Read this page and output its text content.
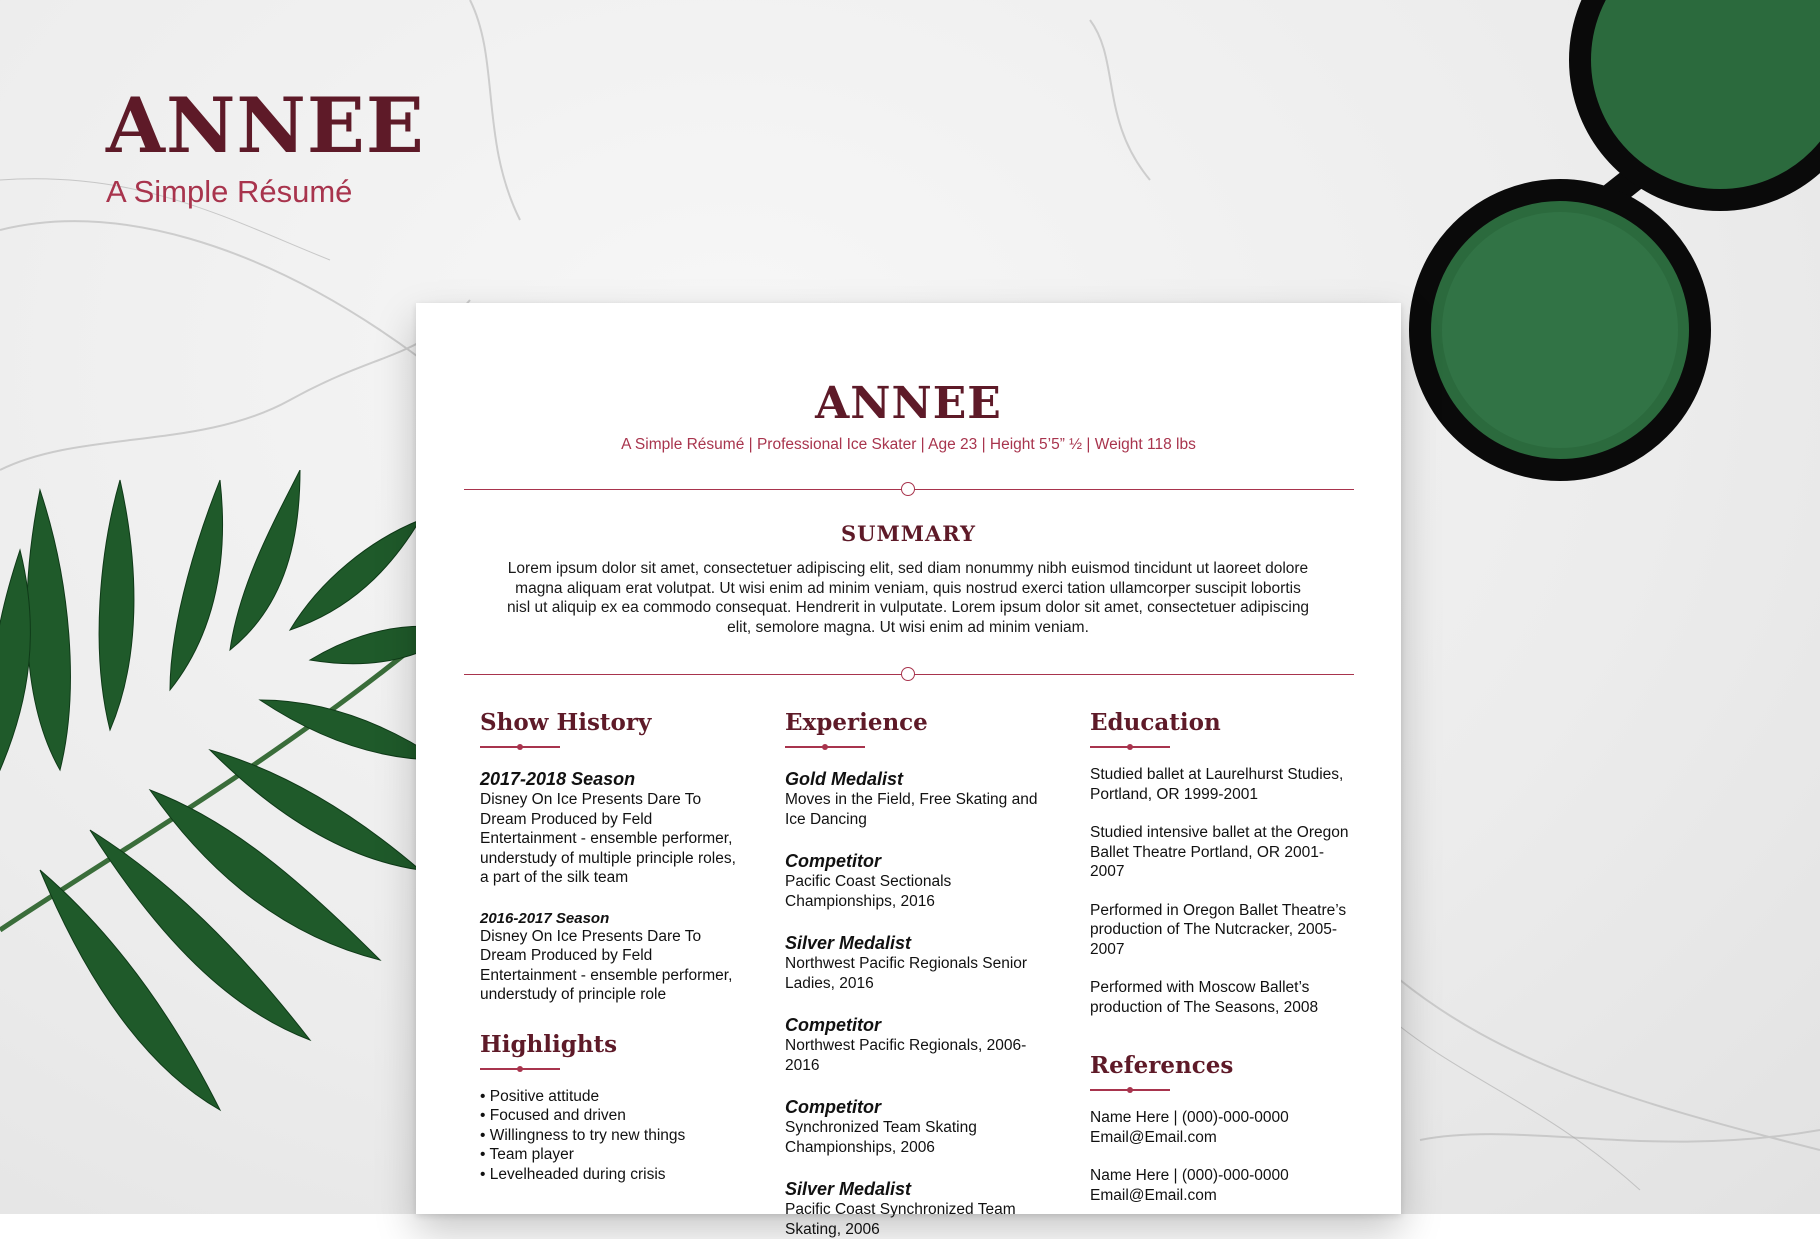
ANNEE
A Simple Résumé
ANNEE
A Simple Résumé | Professional Ice Skater | Age 23 | Height 5’5” ½ | Weight 118 lbs
SUMMARY
Lorem ipsum dolor sit amet, consectetuer adipiscing elit, sed diam nonummy nibh euismod tincidunt ut laoreet dolore magna aliquam erat volutpat. Ut wisi enim ad minim veniam, quis nostrud exerci tation ullamcorper suscipit lobortis nisl ut aliquip ex ea commodo consequat. Hendrerit in vulputate. Lorem ipsum dolor sit amet, consectetuer adipiscing elit, semolore magna. Ut wisi enim ad minim veniam.
Show History
2017-2018 Season
Disney On Ice Presents Dare To Dream Produced by Feld Entertainment - ensemble performer, understudy of multiple principle roles, a part of the silk team
2016-2017 Season
Disney On Ice Presents Dare To Dream Produced by Feld Entertainment - ensemble performer, understudy of principle role
Highlights
• Positive attitude
• Focused and driven
• Willingness to try new things
• Team player
• Levelheaded during crisis
Experience
Gold Medalist
Moves in the Field, Free Skating and Ice Dancing
Competitor
Pacific Coast Sectionals Championships, 2016
Silver Medalist
Northwest Pacific Regionals Senior Ladies, 2016
Competitor
Northwest Pacific Regionals, 2006-2016
Competitor
Synchronized Team Skating Championships, 2006
Silver Medalist
Pacific Coast Synchronized Team Skating, 2006
Education
Studied ballet at Laurelhurst Studies, Portland, OR 1999-2001
Studied intensive ballet at the Oregon Ballet Theatre Portland, OR 2001-2007
Performed in Oregon Ballet Theatre’s production of The Nutcracker, 2005-2007
Performed with Moscow Ballet’s production of The Seasons, 2008
References
Name Here | (000)-000-0000
Email@Email.com
Name Here | (000)-000-0000
Email@Email.com
